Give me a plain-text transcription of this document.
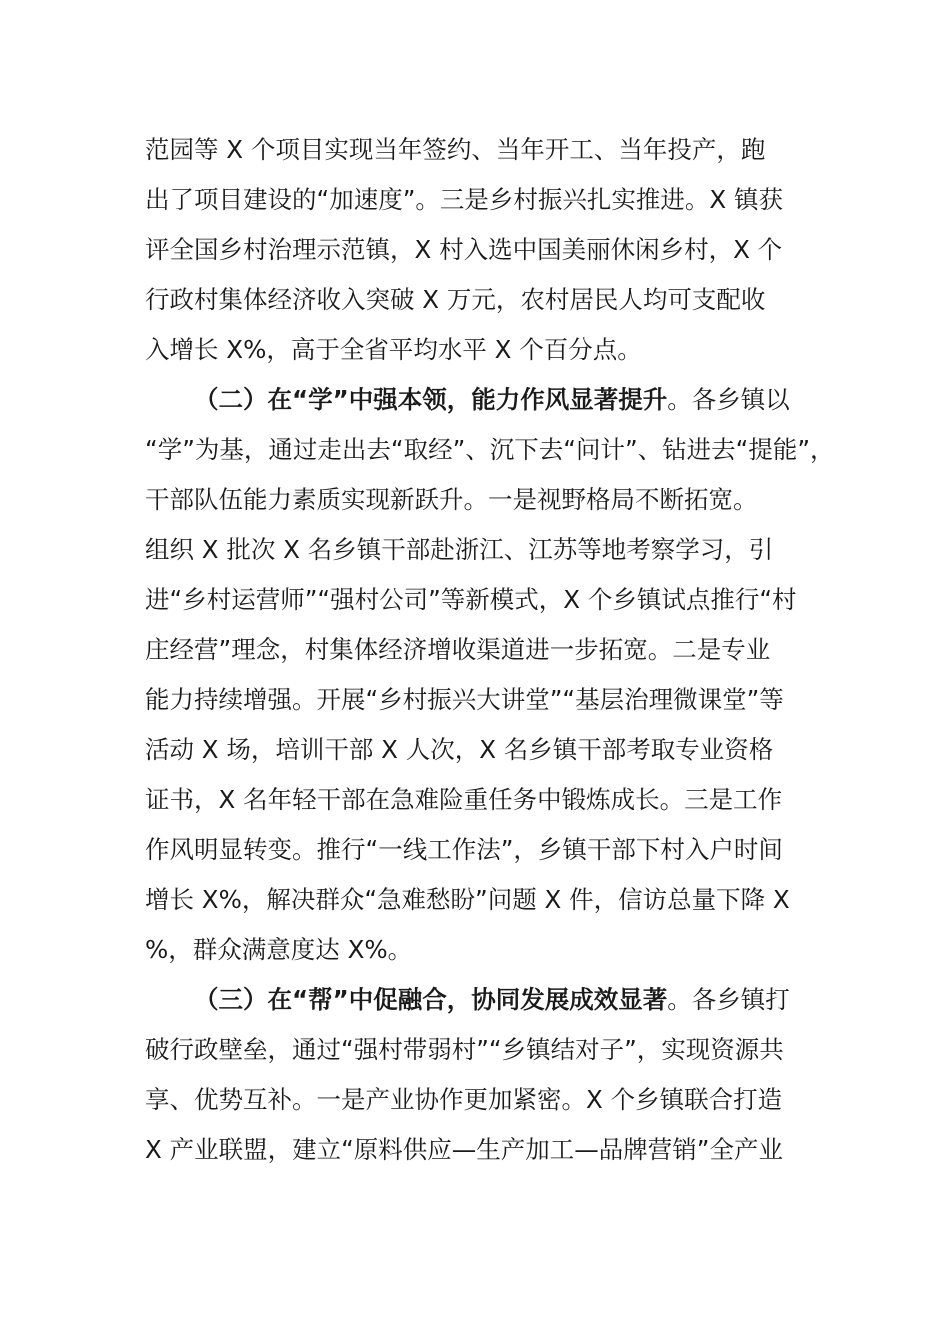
范园等 X 个项目实现当年签约、当年开工、当年投产，跑
出了项目建设的“加速度”。三是乡村振兴扎实推进。X 镇获
评全国乡村治理示范镇，X 村入选中国美丽休闲乡村，X 个
行政村集体经济收入突破 X 万元，农村居民人均可支配收
入增长 X%，高于全省平均水平 X 个百分点。
（二）在“学”中强本领，能力作风显著提升。各乡镇以
“学”为基，通过走出去“取经”、沉下去“问计”、钻进去“提能”，
干部队伍能力素质实现新跃升。一是视野格局不断拓宽。
组织 X 批次 X 名乡镇干部赴浙江、江苏等地考察学习，引
进“乡村运营师”“强村公司”等新模式，X 个乡镇试点推行“村
庄经营”理念，村集体经济增收渠道进一步拓宽。二是专业
能力持续增强。开展“乡村振兴大讲堂”“基层治理微课堂”等
活动 X 场，培训干部 X 人次，X 名乡镇干部考取专业资格
证书，X 名年轻干部在急难险重任务中锻炼成长。三是工作
作风明显转变。推行“一线工作法”，乡镇干部下村入户时间
增长 X%，解决群众“急难愁盼”问题 X 件，信访总量下降 X
%，群众满意度达 X%。
（三）在“帮”中促融合，协同发展成效显著。各乡镇打
破行政壁垒，通过“强村带弱村”“乡镇结对子”，实现资源共
享、优势互补。一是产业协作更加紧密。X 个乡镇联合打造
X 产业联盟，建立“原料供应—生产加工—品牌营销”全产业
